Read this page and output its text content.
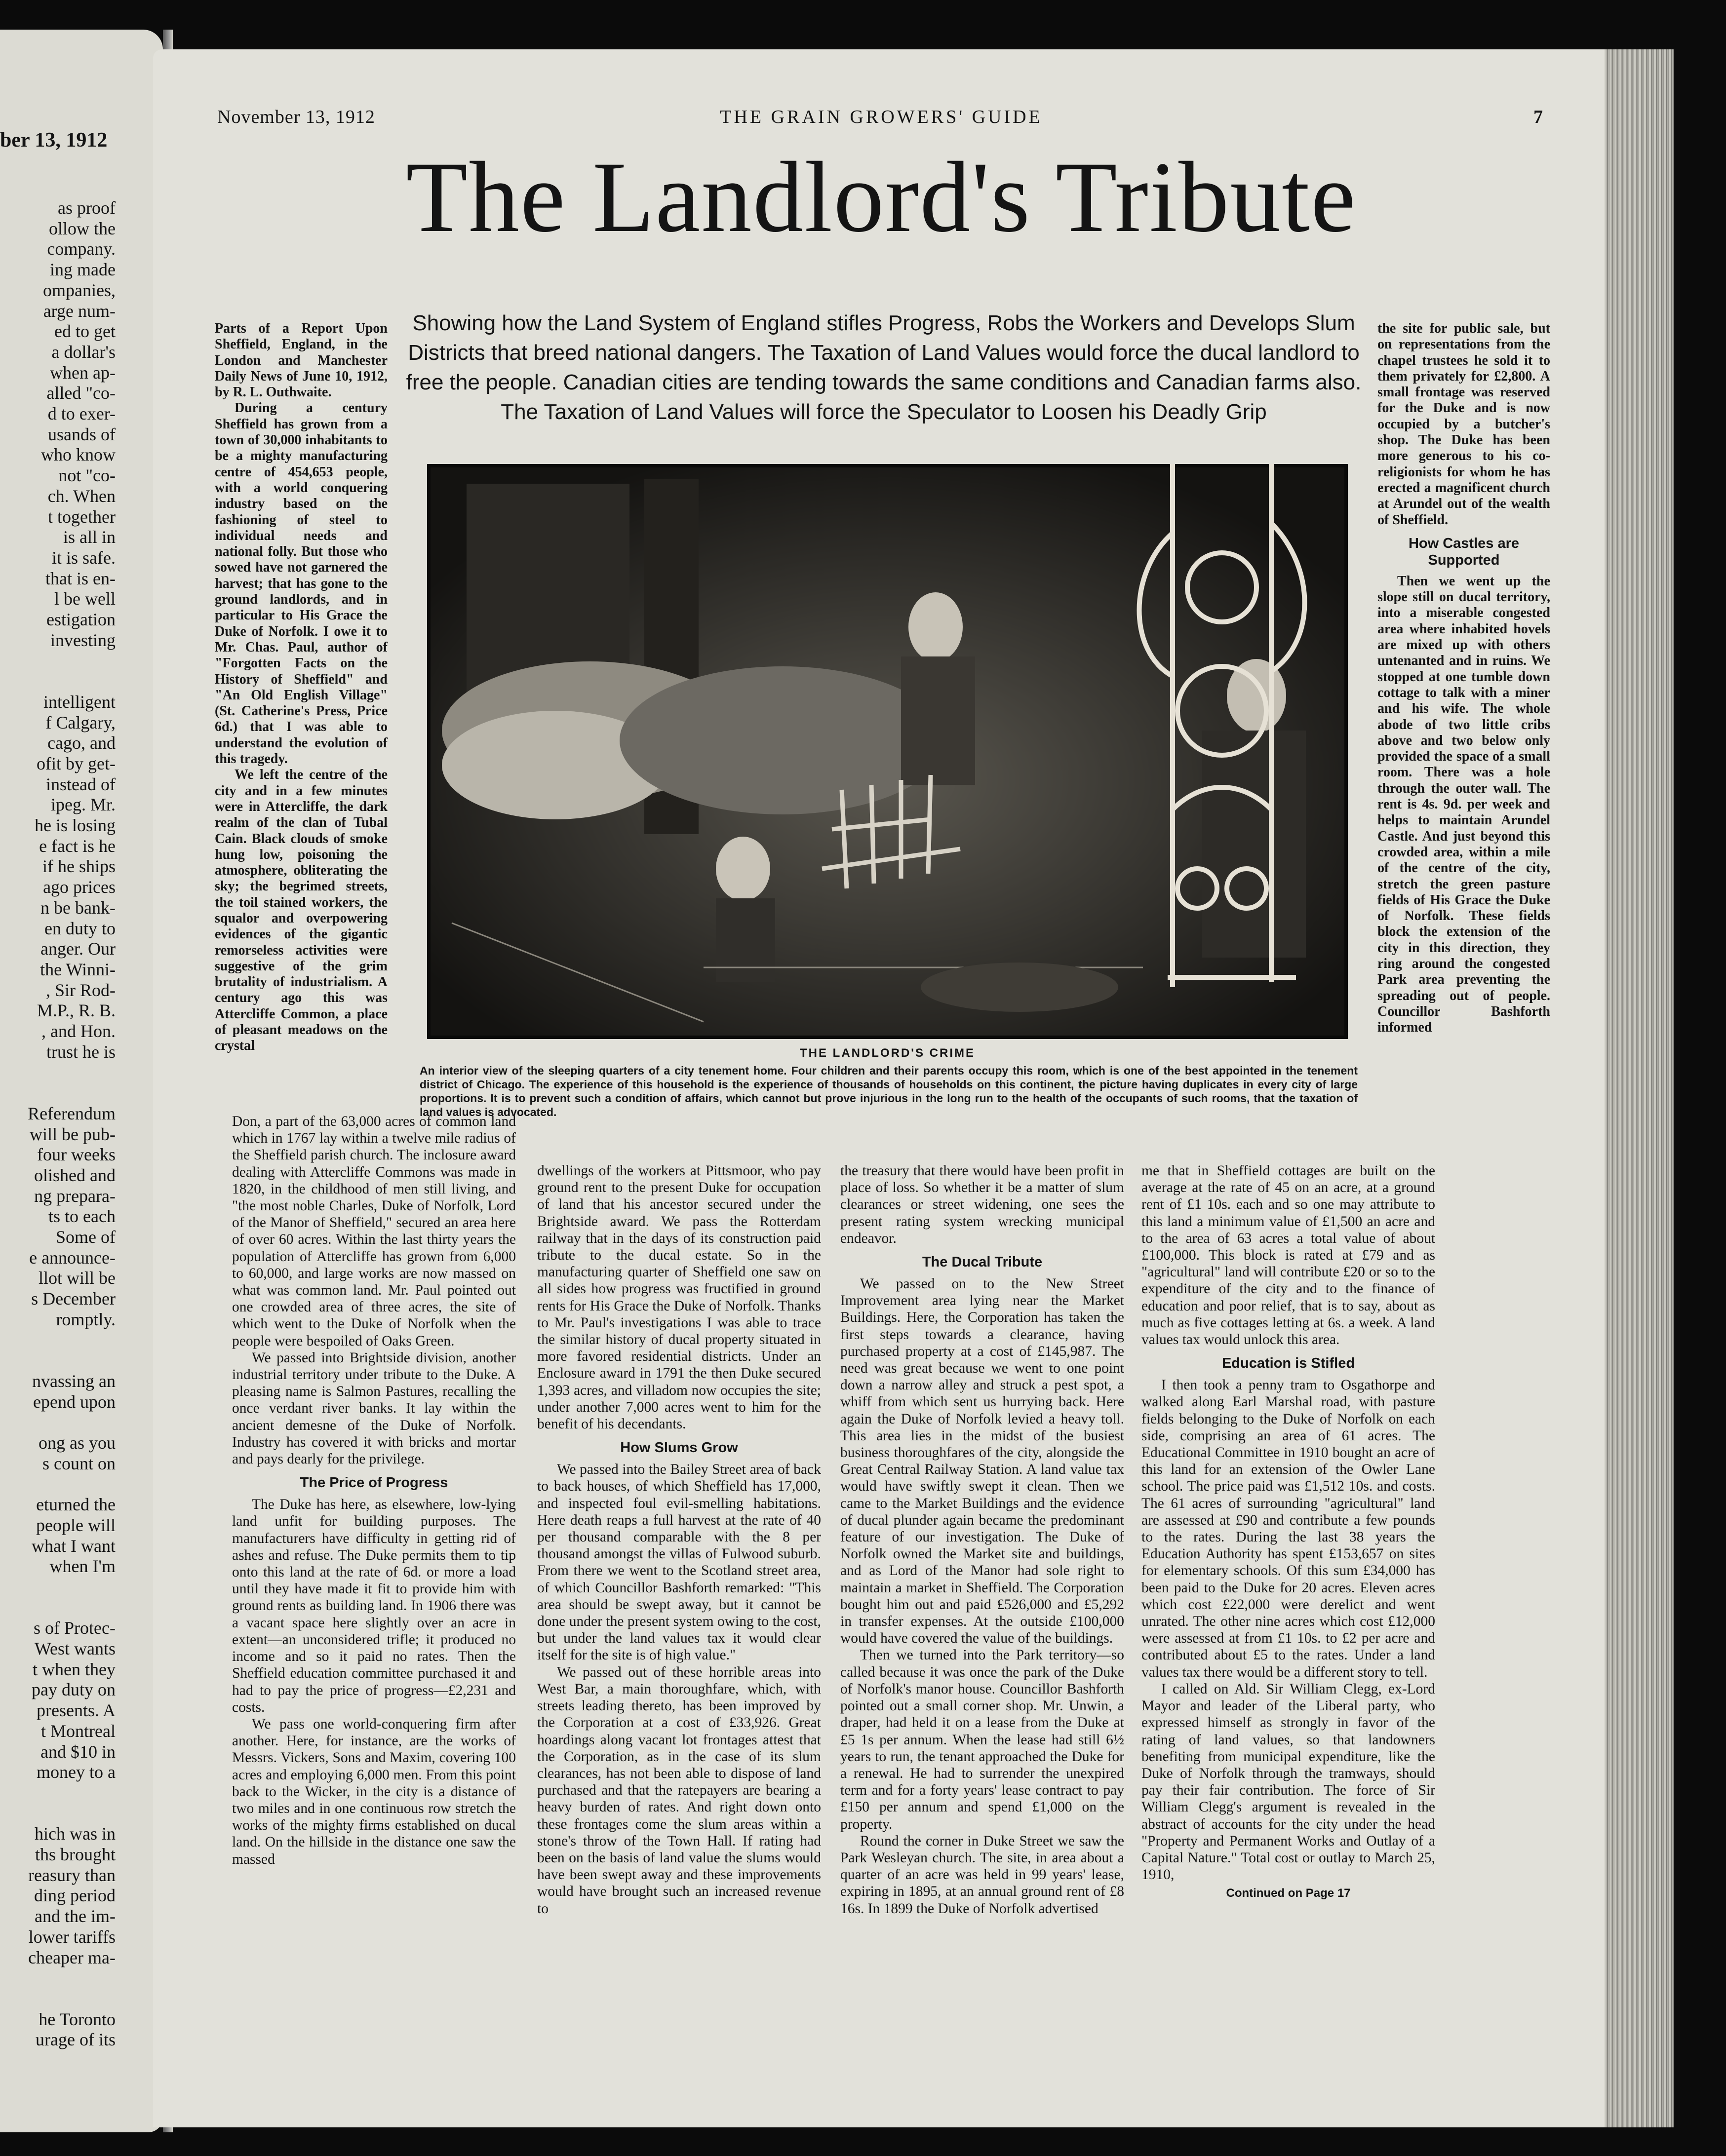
ber 13, 1912
as proof
ollow the
company.
ing made
ompanies,
arge num-
ed to get
a dollar's
when ap-
alled "co-
d to exer-
usands of
who know
not "co-
ch. When
t together
is all in
it is safe.
that is en-
l be well
estigation
investing
intelligent
f Calgary,
cago, and
ofit by get-
instead of
ipeg. Mr.
he is losing
e fact is he
if he ships
ago prices
n be bank-
en duty to
anger. Our
the Winni-
, Sir Rod-
M.P., R. B.
, and Hon.
trust he is
Referendum
will be pub-
four weeks
olished and
ng prepara-
ts to each
Some of
e announce-
llot will be
s December
romptly.
nvassing an
epend upon
ong as you
s count on
eturned the
people will
what I want
when I'm
s of Protec-
West wants
t when they
pay duty on
presents. A
t Montreal
and $10 in
money to a
hich was in
ths brought
reasury than
ding period
and the im-
lower tariffs
cheaper ma-
he Toronto
urage of its
November 13, 1912	THE GRAIN GROWERS' GUIDE	7
The Landlord's Tribute
Showing how the Land System of England stifles Progress, Robs the Workers and Develops Slum Districts that breed national dangers. The Taxation of Land Values would force the ducal landlord to free the people. Canadian cities are tending towards the same conditions and Canadian farms also. The Taxation of Land Values will force the Speculator to Loosen his Deadly Grip

Parts of a Report Upon Sheffield, England, in the London and Manchester Daily News of June 10, 1912, by R. L. Outhwaite.

During a century Sheffield has grown from a town of 30,000 inhabitants to be a mighty manufacturing centre of 454,653 people, with a world conquering industry based on the fashioning of steel to individual needs and national folly. But those who sowed have not garnered the harvest; that has gone to the ground landlords, and in particular to His Grace the Duke of Norfolk. I owe it to Mr. Chas. Paul, author of "Forgotten Facts on the History of Sheffield" and "An Old English Village" (St. Catherine's Press, Price 6d.) that I was able to understand the evolution of this tragedy.

We left the centre of the city and in a few minutes were in Attercliffe, the dark realm of the clan of Tubal Cain. Black clouds of smoke hung low, poisoning the atmosphere, obliterating the sky; the begrimed streets, the toil stained workers, the squalor and overpowering evidences of the gigantic remorseless activities were suggestive of the grim brutality of industrialism. A century ago this was Attercliffe Common, a place of pleasant meadows on the crystal	THE LANDLORD'S CRIME

the site for public sale, but on representations from the chapel trustees he sold it to them privately for £2,800. A small frontage was reserved for the Duke and is now occupied by a butcher's shop. The Duke has been more generous to his co-religionists for whom he has erected a magnificent church at Arundel out of the wealth of Sheffield.

How Castles are Supported

Then we went up the slope still on ducal territory, into a miserable congested area where inhabited hovels are mixed up with others untenanted and in ruins. We stopped at one tumble down cottage to talk with a miner and his wife. The whole abode of two little cribs above and two below only provided the space of a small room. There was a hole through the outer wall. The rent is 4s. 9d. per week and helps to maintain Arundel Castle. And just beyond this crowded area, within a mile of the centre of the city, stretch the green pasture fields of His Grace the Duke of Norfolk. These fields block the extension of the city in this direction, they ring around the congested Park area preventing the spreading out of people. Councillor Bashforth informed

An interior view of the sleeping quarters of a city tenement home. Four children and their parents occupy this room, which is one of the best appointed in the tenement district of Chicago. The experience of this household is the experience of thousands of households on this continent, the picture having duplicates in every city of large proportions. It is to prevent such a condition of affairs, which cannot but prove injurious in the long run to the health of the occupants of such rooms, that the taxation of land values is advocated.

Don, a part of the 63,000 acres of common land which in 1767 lay within a twelve mile radius of the Sheffield parish church. The inclosure award dealing with Attercliffe Commons was made in 1820, in the childhood of men still living, and "the most noble Charles, Duke of Norfolk, Lord of the Manor of Sheffield," secured an area here of over 60 acres. Within the last thirty years the population of Attercliffe has grown from 6,000 to 60,000, and large works are now massed on what was common land. Mr. Paul pointed out one crowded area of three acres, the site of which went to the Duke of Norfolk when the people were bespoiled of Oaks Green.

We passed into Brightside division, another industrial territory under tribute to the Duke. A pleasing name is Salmon Pastures, recalling the once verdant river banks. It lay within the ancient demesne of the Duke of Norfolk. Industry has covered it with bricks and mortar and pays dearly for the privilege.

The Price of Progress

The Duke has here, as elsewhere, low-lying land unfit for building purposes. The manufacturers have difficulty in getting rid of ashes and refuse. The Duke permits them to tip onto this land at the rate of 6d. or more a load until they have made it fit to provide him with ground rents as building land. In 1906 there was a vacant space here slightly over an acre in extent—an unconsidered trifle; it produced no income and so it paid no rates. Then the Sheffield education committee purchased it and had to pay the price of progress—£2,231 and costs.

We pass one world-conquering firm after another. Here, for instance, are the works of Messrs. Vickers, Sons and Maxim, covering 100 acres and employing 6,000 men. From this point back to the Wicker, in the city is a distance of two miles and in one continuous row stretch the works of the mighty firms established on ducal land. On the hillside in the distance one saw the massed

dwellings of the workers at Pittsmoor, who pay ground rent to the present Duke for occupation of land that his ancestor secured under the Brightside award. We pass the Rotterdam railway that in the days of its construction paid tribute to the ducal estate. So in the manufacturing quarter of Sheffield one saw on all sides how progress was fructified in ground rents for His Grace the Duke of Norfolk. Thanks to Mr. Paul's investigations I was able to trace the similar history of ducal property situated in more favored residential districts. Under an Enclosure award in 1791 the then Duke secured 1,393 acres, and villadom now occupies the site; under another 7,000 acres went to him for the benefit of his decendants.

How Slums Grow

We passed into the Bailey Street area of back to back houses, of which Sheffield has 17,000, and inspected foul evil-smelling habitations. Here death reaps a full harvest at the rate of 40 per thousand comparable with the 8 per thousand amongst the villas of Fulwood suburb. From there we went to the Scotland street area, of which Councillor Bashforth remarked: "This area should be swept away, but it cannot be done under the present system owing to the cost, but under the land values tax it would clear itself for the site is of high value."

We passed out of these horrible areas into West Bar, a main thoroughfare, which, with streets leading thereto, has been improved by the Corporation at a cost of £33,926. Great hoardings along vacant lot frontages attest that the Corporation, as in the case of its slum clearances, has not been able to dispose of land purchased and that the ratepayers are bearing a heavy burden of rates. And right down onto these frontages come the slum areas within a stone's throw of the Town Hall. If rating had been on the basis of land value the slums would have been swept away and these improvements would have brought such an increased revenue to

the treasury that there would have been profit in place of loss. So whether it be a matter of slum clearances or street widening, one sees the present rating system wrecking municipal endeavor.

The Ducal Tribute

We passed on to the New Street Improvement area lying near the Market Buildings. Here, the Corporation has taken the first steps towards a clearance, having purchased property at a cost of £145,987. The need was great because we went to one point down a narrow alley and struck a pest spot, a whiff from which sent us hurrying back. Here again the Duke of Norfolk levied a heavy toll. This area lies in the midst of the busiest business thoroughfares of the city, alongside the Great Central Railway Station. A land value tax would have swiftly swept it clean. Then we came to the Market Buildings and the evidence of ducal plunder again became the predominant feature of our investigation. The Duke of Norfolk owned the Market site and buildings, and as Lord of the Manor had sole right to maintain a market in Sheffield. The Corporation bought him out and paid £526,000 and £5,292 in transfer expenses. At the outside £100,000 would have covered the value of the buildings.

Then we turned into the Park territory—so called because it was once the park of the Duke of Norfolk's manor house. Councillor Bashforth pointed out a small corner shop. Mr. Unwin, a draper, had held it on a lease from the Duke at £5 1s per annum. When the lease had still 6½ years to run, the tenant approached the Duke for a renewal. He had to surrender the unexpired term and for a forty years' lease contract to pay £150 per annum and spend £1,000 on the property.

Round the corner in Duke Street we saw the Park Wesleyan church. The site, in area about a quarter of an acre was held in 99 years' lease, expiring in 1895, at an annual ground rent of £8 16s. In 1899 the Duke of Norfolk advertised

me that in Sheffield cottages are built on the average at the rate of 45 on an acre, at a ground rent of £1 10s. each and so one may attribute to this land a minimum value of £1,500 an acre and to the area of 63 acres a total value of about £100,000. This block is rated at £79 and as "agricultural" land will contribute £20 or so to the expenditure of the city and to the finance of education and poor relief, that is to say, about as much as five cottages letting at 6s. a week. A land values tax would unlock this area.

Education is Stifled

I then took a penny tram to Osgathorpe and walked along Earl Marshal road, with pasture fields belonging to the Duke of Norfolk on each side, comprising an area of 61 acres. The Educational Committee in 1910 bought an acre of this land for an extension of the Owler Lane school. The price paid was £1,512 10s. and costs. The 61 acres of surrounding "agricultural" land are assessed at £90 and contribute a few pounds to the rates. During the last 38 years the Education Authority has spent £153,657 on sites for elementary schools. Of this sum £34,000 has been paid to the Duke for 20 acres. Eleven acres which cost £22,000 were derelict and went unrated. The other nine acres which cost £12,000 were assessed at from £1 10s. to £2 per acre and contributed about £5 to the rates. Under a land values tax there would be a different story to tell.

I called on Ald. Sir William Clegg, ex-Lord Mayor and leader of the Liberal party, who expressed himself as strongly in favor of the rating of land values, so that landowners benefiting from municipal expenditure, like the Duke of Norfolk through the tramways, should pay their fair contribution. The force of Sir William Clegg's argument is revealed in the abstract of accounts for the city under the head "Property and Permanent Works and Outlay of a Capital Nature." Total cost or outlay to March 25, 1910,

Continued on Page 17
